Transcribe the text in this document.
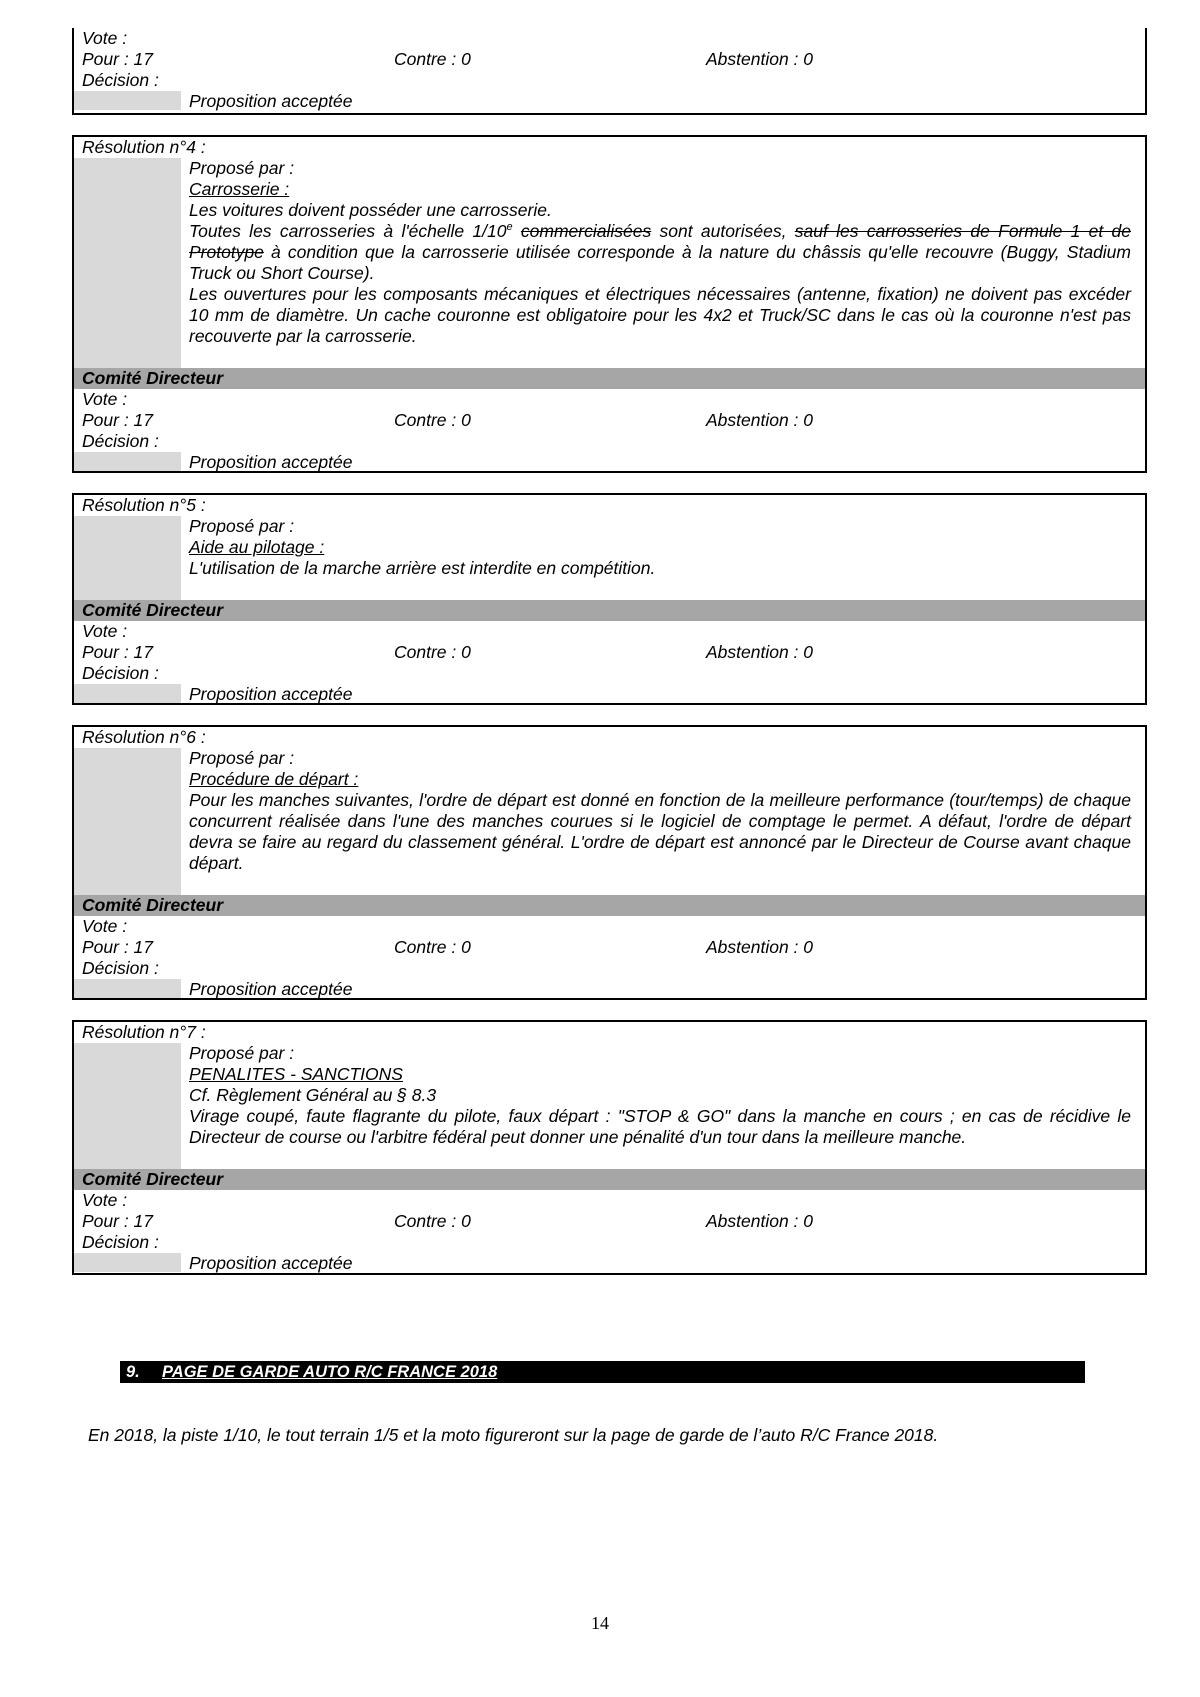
Vote :
Pour : 17	Contre : 0	Abstention : 0
Décision :
Proposition acceptée
Résolution n°4 :
Proposé par :
Carrosserie :
Les voitures doivent posséder une carrosserie.
Toutes les carrosseries à l'échelle 1/10e commercialisées sont autorisées, sauf les carrosseries de Formule 1 et de Prototype à condition que la carrosserie utilisée corresponde à la nature du châssis qu'elle recouvre (Buggy, Stadium Truck ou Short Course).
Les ouvertures pour les composants mécaniques et électriques nécessaires (antenne, fixation) ne doivent pas excéder 10 mm de diamètre. Un cache couronne est obligatoire pour les 4x2 et Truck/SC dans le cas où la couronne n'est pas recouverte par la carrosserie.
Comité Directeur
Vote :
Pour : 17	Contre : 0	Abstention : 0
Décision :
Proposition acceptée
Résolution n°5 :
Proposé par :
Aide au pilotage :
L'utilisation de la marche arrière est interdite en compétition.
Comité Directeur
Vote :
Pour : 17	Contre : 0	Abstention : 0
Décision :
Proposition acceptée
Résolution n°6 :
Proposé par :
Procédure de départ :
Pour les manches suivantes, l'ordre de départ est donné en fonction de la meilleure performance (tour/temps) de chaque concurrent réalisée dans l'une des manches courues si le logiciel de comptage le permet. A défaut, l'ordre de départ devra se faire au regard du classement général. L'ordre de départ est annoncé par le Directeur de Course avant chaque départ.
Comité Directeur
Vote :
Pour : 17	Contre : 0	Abstention : 0
Décision :
Proposition acceptée
Résolution n°7 :
Proposé par :
PENALITES - SANCTIONS
Cf. Règlement Général au § 8.3
Virage coupé, faute flagrante du pilote, faux départ : "STOP & GO" dans la manche en cours ; en cas de récidive le Directeur de course ou l'arbitre fédéral peut donner une pénalité d'un tour dans la meilleure manche.
Comité Directeur
Vote :
Pour : 17	Contre : 0	Abstention : 0
Décision :
Proposition acceptée
9. PAGE DE GARDE AUTO R/C FRANCE 2018
En 2018, la piste 1/10, le tout terrain 1/5 et la moto figureront sur la page de garde de l’auto R/C France 2018.
14
